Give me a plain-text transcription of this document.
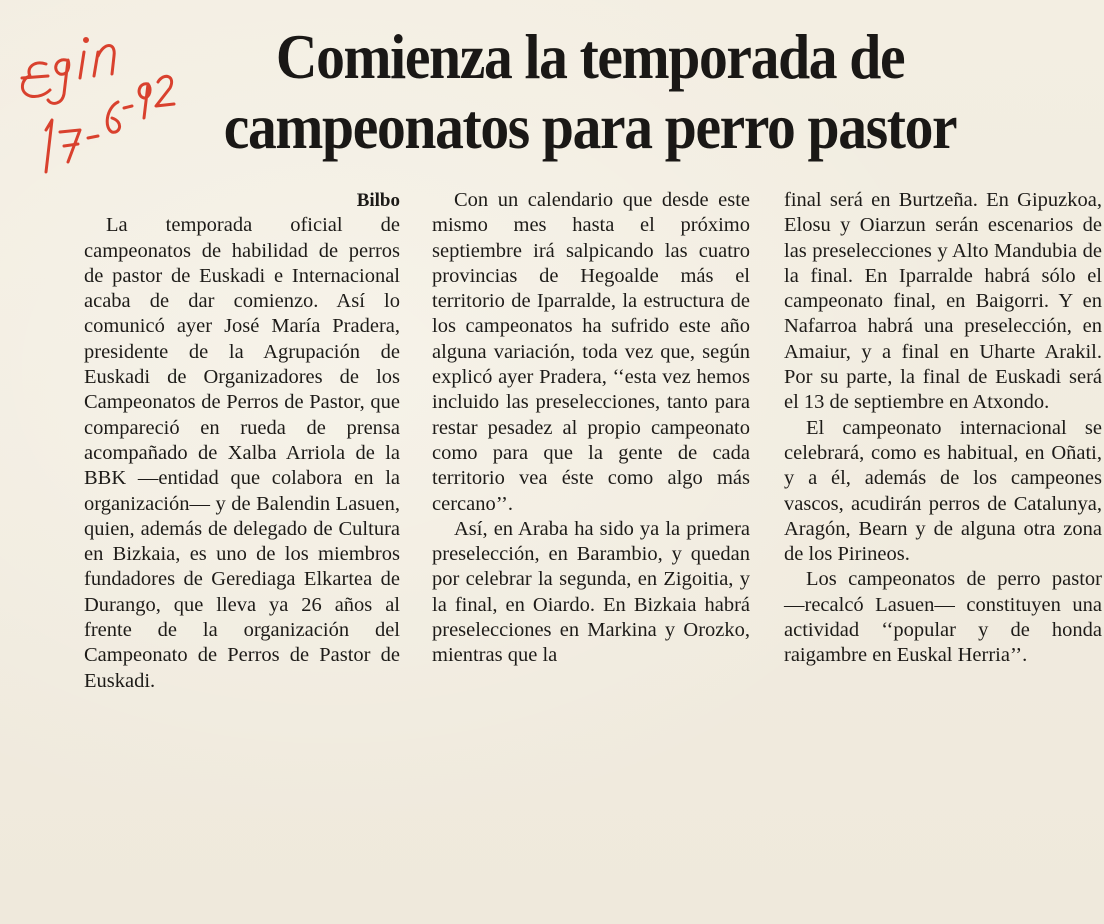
Comienza la temporada de
campeonatos para perro pastor
Bilbo

La temporada oficial de campeonatos de habilidad de perros de pastor de Euskadi e Internacional acaba de dar comienzo. Así lo comunicó ayer José María Pradera, presidente de la Agrupación de Euskadi de Organizadores de los Campeonatos de Perros de Pastor, que compareció en rueda de prensa acompañado de Xalba Arriola de la BBK —entidad que colabora en la organización— y de Balendin Lasuen, quien, además de delegado de Cultura en Bizkaia, es uno de los miembros fundadores de Gerediaga Elkartea de Durango, que lleva ya 26 años al frente de la organización del Campeonato de Perros de Pastor de Euskadi.

Con un calendario que desde este mismo mes hasta el próximo septiembre irá salpicando las cuatro provincias de Hegoalde más el territorio de Iparralde, la estructura de los campeonatos ha sufrido este año alguna variación, toda vez que, según explicó ayer Pradera, ‘‘esta vez hemos incluido las preselecciones, tanto para restar pesadez al propio campeonato como para que la gente de cada territorio vea éste como algo más cercano’’.

Así, en Araba ha sido ya la primera preselección, en Barambio, y quedan por celebrar la segunda, en Zigoitia, y la final, en Oiardo. En Bizkaia habrá preselecciones en Markina y Orozko, mientras que la

final será en Burtzeña. En Gipuzkoa, Elosu y Oiarzun serán escenarios de las preselecciones y Alto Mandubia de la final. En Iparralde habrá sólo el campeonato final, en Baigorri. Y en Nafarroa habrá una preselección, en Amaiur, y a final en Uharte Arakil. Por su parte, la final de Euskadi será el 13 de septiembre en Atxondo.

El campeonato internacional se celebrará, como es habitual, en Oñati, y a él, además de los campeones vascos, acudirán perros de Catalunya, Aragón, Bearn y de alguna otra zona de los Pirineos.

Los campeonatos de perro pastor —recalcó Lasuen— constituyen una actividad ‘‘popular y de honda raigambre en Euskal Herria’’.
